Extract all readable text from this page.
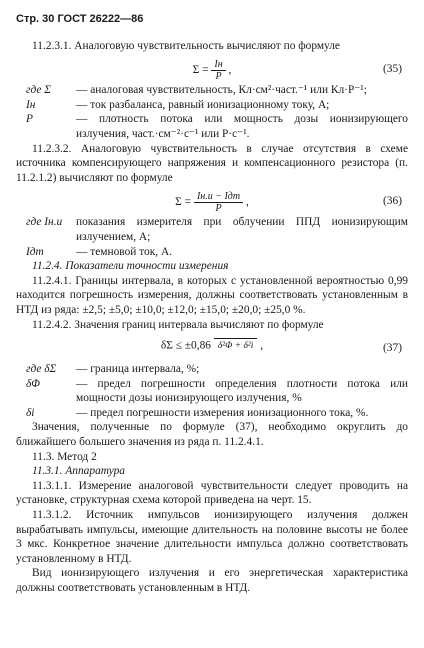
Стр. 30 ГОСТ 26222—86

11.2.3.1. Аналоговую чувствительность вычисляют по формуле

$\Sigma = \frac{Iн}{P}$ ,	(35)
где Σ	— аналоговая чувствительность, Кл·см²·част.⁻¹ или Кл·Р⁻¹;
Iн	— ток разбаланса, равный ионизационному току, А;
P	— плотность потока или мощность дозы ионизирующего излучения, част.·см⁻²·с⁻¹ или Р·с⁻¹.

11.2.3.2. Аналоговую чувствительность в случае отсутствия в схеме источника компенсирующего напряжения и компенсационного резистора (п. 11.2.1.2) вычисляют по формуле

$\Sigma = \frac{\text{Iн.и − Iдт}}{P}$ ,	(36)
где Iн.и	показания измерителя при облучении ППД ионизирующим излучением, А;
Iдт	— темновой ток, А.

11.2.4. Показатели точности измерения

11.2.4.1. Границы интервала, в которых с установленной вероятностью 0,99 находится погрешность измерения, должны соответствовать установленным в НТД из ряда: ±2,5; ±5,0; ±10,0; ±12,0; ±15,0; ±20,0; ±25,0 %.

11.2.4.2. Значения границ интервала вычисляют по формуле

δΣ ≤ ±0,86 δ²Φ + δ²i ,	(37)
где δΣ	— граница интервала, %;
δΦ	— предел погрешности определения плотности потока или мощности дозы ионизирующего излучения, %
δi	— предел погрешности измерения ионизационного тока, %.

Значения, полученные по формуле (37), необходимо округлить до ближайшего большего значения из ряда п. 11.2.4.1.

11.3. Метод 2

11.3.1. Аппаратура

11.3.1.1. Измерение аналоговой чувствительности следует проводить на установке, структурная схема которой приведена на черт. 15.

11.3.1.2. Источник импульсов ионизирующего излучения должен вырабатывать импульсы, имеющие длительность на половине высоты не более 3 мкс. Конкретное значение длительности импульса должно соответствовать установленному в НТД.

Вид ионизирующего излучения и его энергетическая характеристика должны соответствовать установленным в НТД.
